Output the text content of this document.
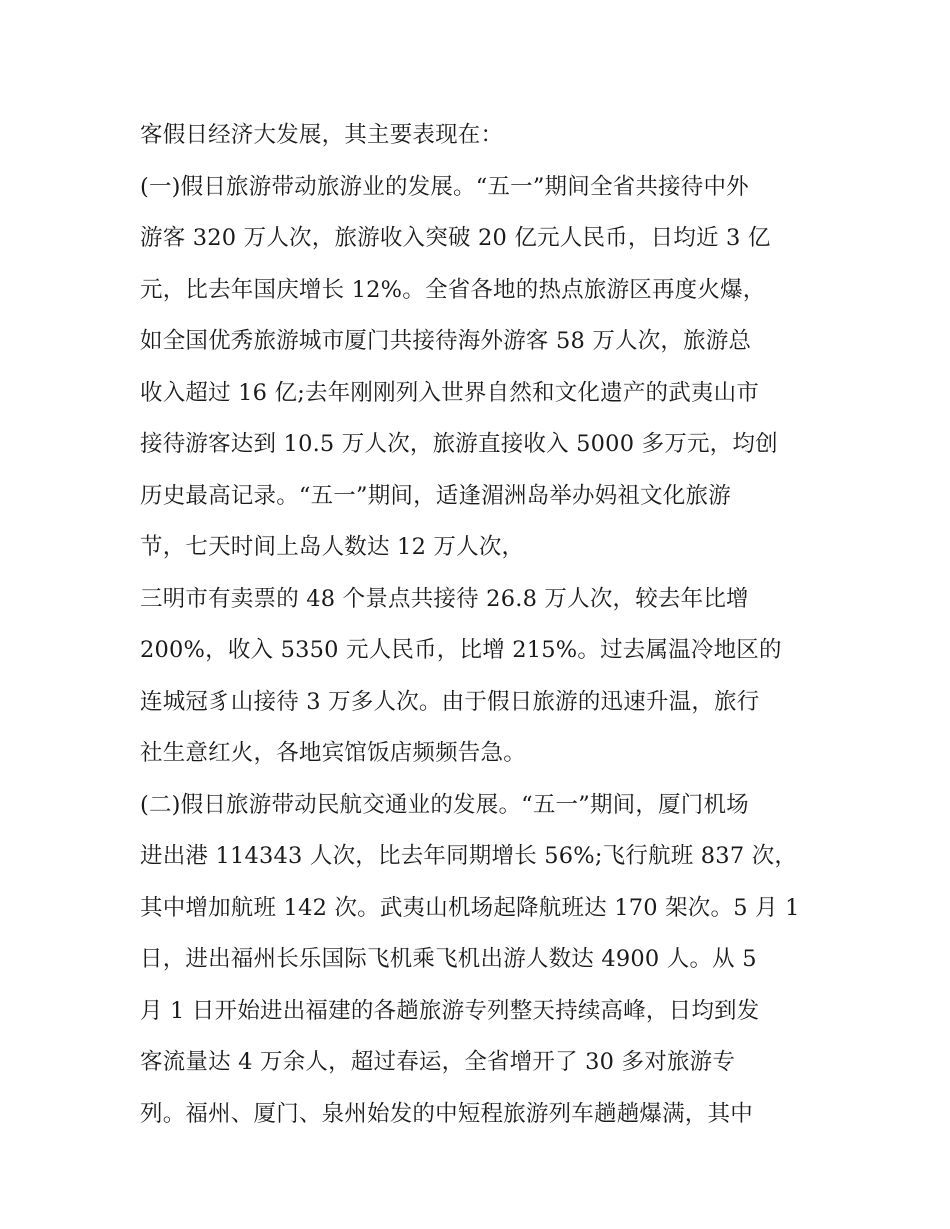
客假日经济大发展，其主要表现在：
(一)假日旅游带动旅游业的发展。“五一”期间全省共接待中外
游客 320 万人次，旅游收入突破 20 亿元人民币，日均近 3 亿
元，比去年国庆增长 12%。全省各地的热点旅游区再度火爆，
如全国优秀旅游城市厦门共接待海外游客 58 万人次，旅游总
收入超过 16 亿;去年刚刚列入世界自然和文化遗产的武夷山市
接待游客达到 10.5 万人次，旅游直接收入 5000 多万元，均创
历史最高记录。“五一”期间，适逢湄洲岛举办妈祖文化旅游
节，七天时间上岛人数达 12 万人次，
三明市有卖票的 48 个景点共接待 26.8 万人次，较去年比增
200%，收入 5350 元人民币，比增 215%。过去属温冷地区的
连城冠豸山接待 3 万多人次。由于假日旅游的迅速升温，旅行
社生意红火，各地宾馆饭店频频告急。
(二)假日旅游带动民航交通业的发展。“五一”期间，厦门机场
进出港 114343 人次，比去年同期增长 56%;飞行航班 837 次，
其中增加航班 142 次。武夷山机场起降航班达 170 架次。5 月 1
日，进出福州长乐国际飞机乘飞机出游人数达 4900 人。从 5
月 1 日开始进出福建的各趟旅游专列整天持续高峰，日均到发
客流量达 4 万余人，超过春运，全省增开了 30 多对旅游专
列。福州、厦门、泉州始发的中短程旅游列车趟趟爆满，其中
